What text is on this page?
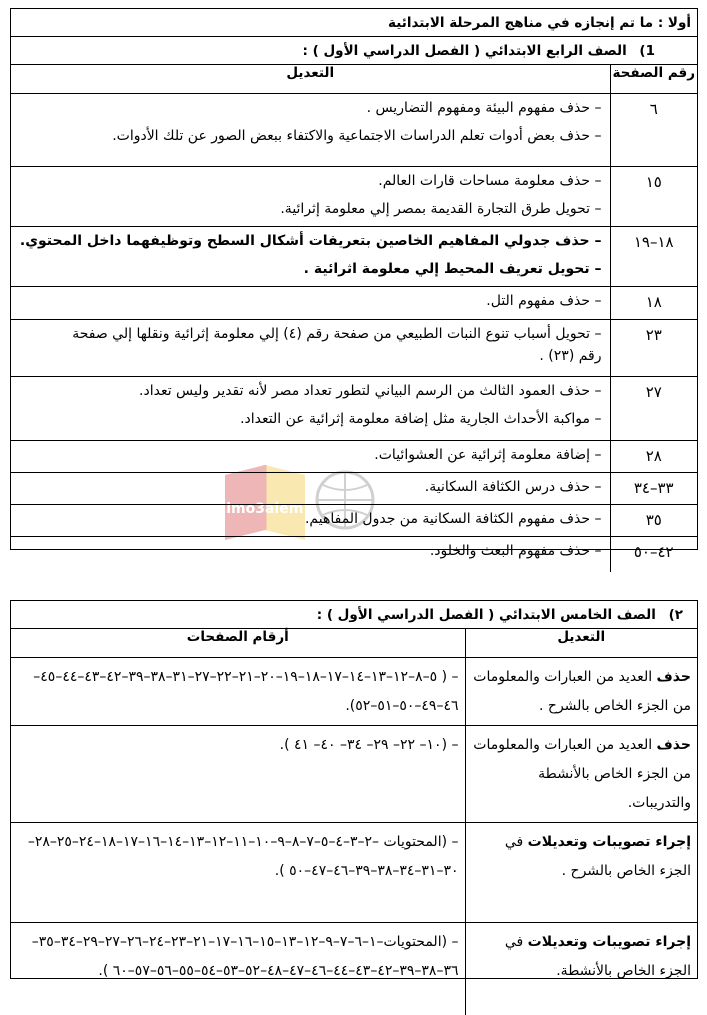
Elmo3alem
أولا : ما تم إنجازه في مناهج المرحلة الابتدائية
1) الصف الرابع الابتدائي ( الفصل الدراسي الأول ) :
رقم الصفحة	التعديل
٦	– حذف مفهوم البيئة ومفهوم التضاريس .
– حذف بعض أدوات تعلم الدراسات الاجتماعية والاكتفاء ببعض الصور عن تلك الأدوات.

١٥	– حذف معلومة مساحات قارات العالم.
– تحويل طرق التجارة القديمة بمصر إلي معلومة إثرائية.

١٨–١٩	– حذف جدولي المفاهيم الخاصين بتعريفات أشكال السطح وتوظيفهما داخل المحتوي.
– تحويل تعريف المحيط إلي معلومة اثرائية .

١٨	– حذف مفهوم التل.

٢٣	– تحويل أسباب تنوع النبات الطبيعي من صفحة رقم (٤) إلي معلومة إثرائية ونقلها إلي صفحة
رقم (٢٣) .

٢٧	– حذف العمود الثالث من الرسم البياني لتطور تعداد مصر لأنه تقدير وليس تعداد.
– مواكبة الأحداث الجارية مثل إضافة معلومة إثرائية عن التعداد.

٢٨	– إضافة معلومة إثرائية عن العشوائيات.

٣٣–٣٤	– حذف درس الكثافة السكانية.

٣٥	– حذف مفهوم الكثافة السكانية من جدول المفاهيم.

٤٢–٥٠	– حذف مفهوم البعث والخلود.
٢) الصف الخامس الابتدائي ( الفصل الدراسي الأول ) :
التعديل	أرقام الصفحات
حذف العديد من العبارات والمعلومات من الجزء الخاص بالشرح .	– ( ٥–٨–١٢–١٣–١٤–١٧–١٨–١٩–٢٠–٢١–٢٢–٢٧–٣١–٣٨–٣٩–٤٢–٤٣–٤٤–٤٥–٤٦–٤٩–٥٠–٥١–٥٢).
حذف العديد من العبارات والمعلومات من الجزء الخاص بالأنشطة والتدريبات.	– (١٠– ٢٢– ٢٩– ٣٤– ٤٠– ٤١ ).
إجراء تصويبات وتعديلات في الجزء الخاص بالشرح .	– (المحتويات –٢–٣–٤–٥–٧–٨–٩–١٠–١١–١٢–١٣–١٤–١٦–١٧–١٨–٢٤–٢٥–٢٨–٣٠–٣١–٣٤–٣٨–٣٩–٤٦–٤٧–٥٠ ).
إجراء تصويبات وتعديلات في الجزء الخاص بالأنشطة.	– (المحتويات–١–٦–٧–٩–١٢–١٣–١٥–١٦–١٧–٢١–٢٣–٢٤–٢٦–٢٧–٢٩–٣٤–٣٥–٣٦–٣٨–٣٩–٤٢–٤٣–٤٤–٤٦–٤٧–٤٨–٥٢–٥٣–٥٤–٥٥–٥٦–٥٧–٦٠ ).
